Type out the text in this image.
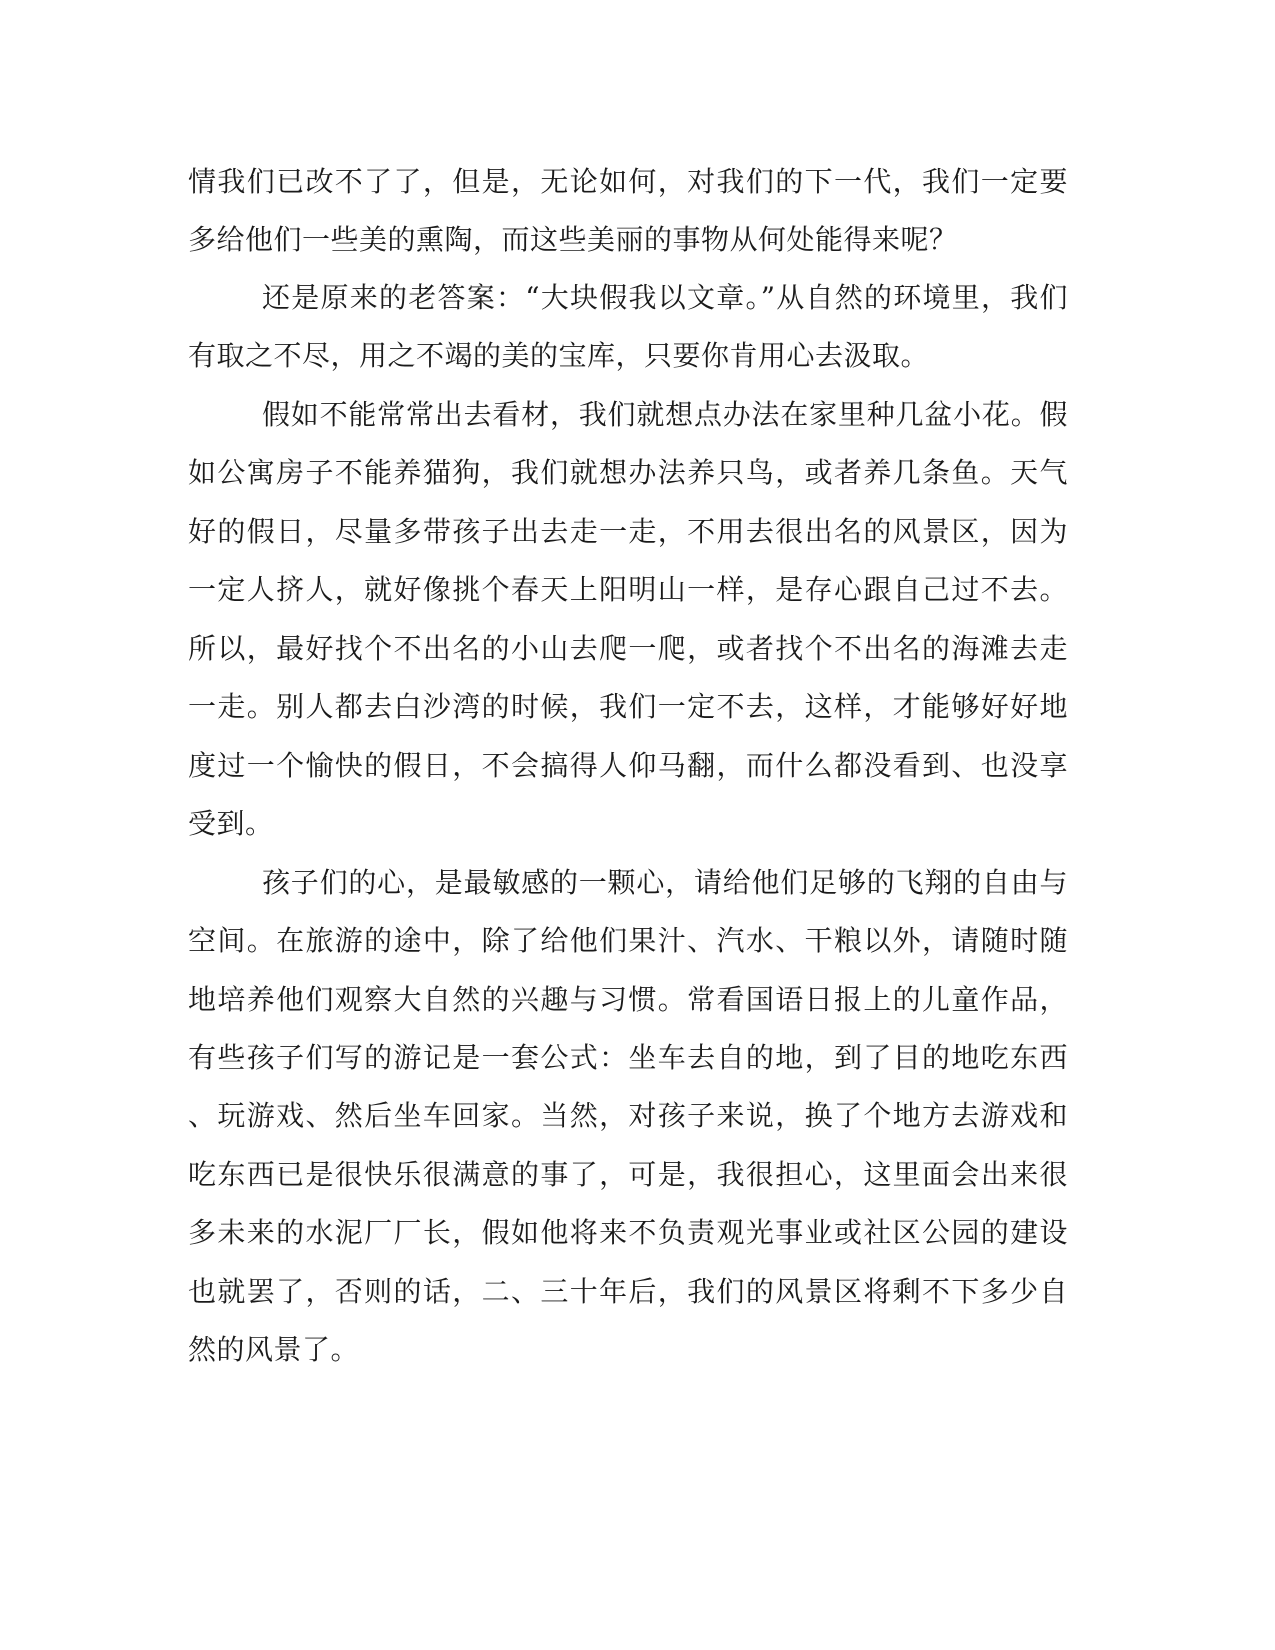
情我们已改不了了，但是，无论如何，对我们的下一代，我们一定要

多给他们一些美的熏陶，而这些美丽的事物从何处能得来呢？

还是原来的老答案：“大块假我以文章。”从自然的环境里，我们

有取之不尽，用之不竭的美的宝库，只要你肯用心去汲取。

假如不能常常出去看材，我们就想点办法在家里种几盆小花。假

如公寓房子不能养猫狗，我们就想办法养只鸟，或者养几条鱼。天气

好的假日，尽量多带孩子出去走一走，不用去很出名的风景区，因为

一定人挤人，就好像挑个春天上阳明山一样，是存心跟自己过不去。

所以，最好找个不出名的小山去爬一爬，或者找个不出名的海滩去走

一走。别人都去白沙湾的时候，我们一定不去，这样，才能够好好地

度过一个愉快的假日，不会搞得人仰马翻，而什么都没看到、也没享

受到。

孩子们的心，是最敏感的一颗心，请给他们足够的飞翔的自由与

空间。在旅游的途中，除了给他们果汁、汽水、干粮以外，请随时随

地培养他们观察大自然的兴趣与习惯。常看国语日报上的儿童作品，

有些孩子们写的游记是一套公式：坐车去自的地，到了目的地吃东西

、玩游戏、然后坐车回家。当然，对孩子来说，换了个地方去游戏和

吃东西已是很快乐很满意的事了，可是，我很担心，这里面会出来很

多未来的水泥厂厂长，假如他将来不负责观光事业或社区公园的建设

也就罢了，否则的话，二、三十年后，我们的风景区将剩不下多少自

然的风景了。
